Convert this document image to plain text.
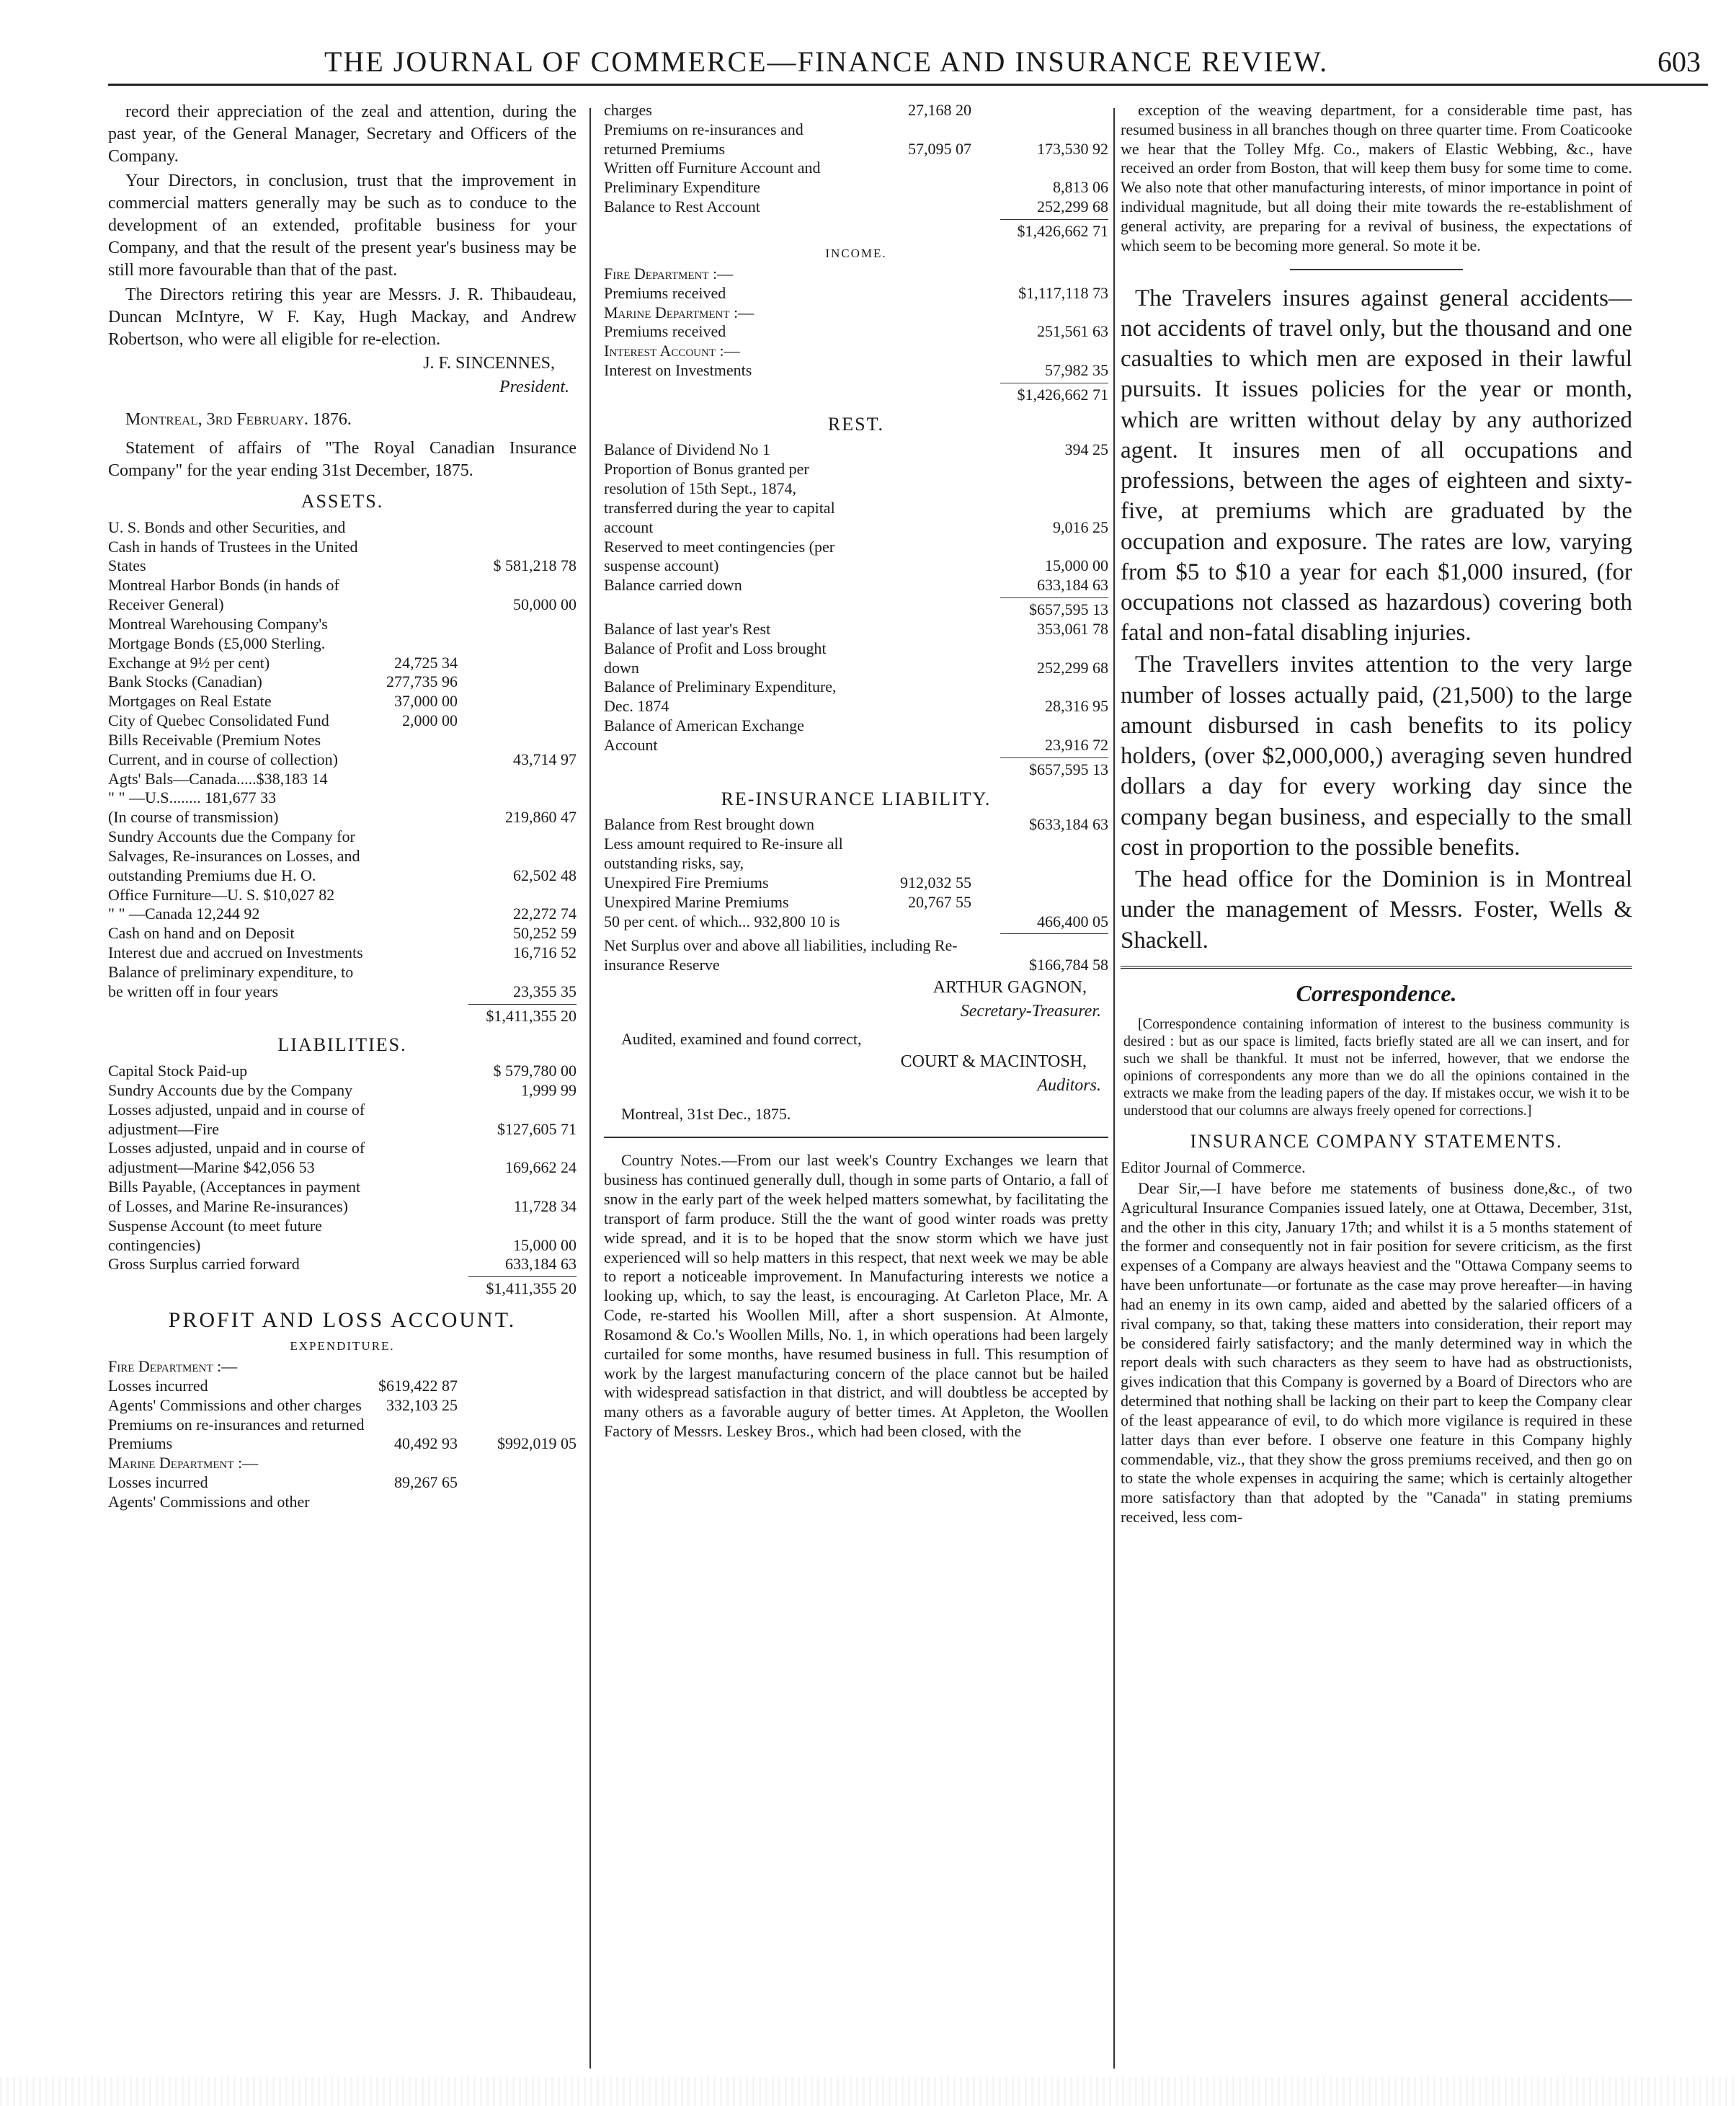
THE JOURNAL OF COMMERCE—FINANCE AND INSURANCE REVIEW.	603

record their appreciation of the zeal and attention, during the past year, of the General Manager, Secretary and Officers of the Company.

Your Directors, in conclusion, trust that the improvement in commercial matters generally may be such as to conduce to the development of an extended, profitable business for your Company, and that the result of the present year's business may be still more favourable than that of the past.

The Directors retiring this year are Messrs. J. R. Thibaudeau, Duncan McIntyre, W F. Kay, Hugh Mackay, and Andrew Robertson, who were all eligible for re-election.

J. F. SINCENNES,
President.
Montreal, 3rd February. 1876.

Statement of affairs of "The Royal Canadian Insurance Company" for the year ending 31st December, 1875.

ASSETS.
U. S. Bonds and other Securities, and Cash in hands of Trustees in the United States	$ 581,218 78
Montreal Harbor Bonds (in hands of Receiver General)	50,000 00
Montreal Warehousing Company's Mortgage Bonds (£5,000 Sterling. Exchange at 9½ per cent)	24,725 34
Bank Stocks (Canadian)	277,735 96
Mortgages on Real Estate	37,000 00
City of Quebec Consolidated Fund	2,000 00
Bills Receivable (Premium Notes Current, and in course of collection)	43,714 97
Agts' Bals—Canada.....$38,183 14
" " —U.S........ 181,677 33
(In course of transmission)	219,860 47
Sundry Accounts due the Company for Salvages, Re-insurances on Losses, and outstanding Premiums due H. O.	62,502 48
Office Furniture—U. S. $10,027 82
" " —Canada 12,244 92	22,272 74
Cash on hand and on Deposit	50,252 59
Interest due and accrued on Investments	16,716 52
Balance of preliminary expenditure, to be written off in four years	23,355 35
$1,411,355 20
LIABILITIES.
Capital Stock Paid-up	$ 579,780 00
Sundry Accounts due by the Company	1,999 99
Losses adjusted, unpaid and in course of adjustment—Fire	$127,605 71
Losses adjusted, unpaid and in course of adjustment—Marine $42,056 53	169,662 24
Bills Payable, (Acceptances in payment of Losses, and Marine Re-insurances)	11,728 34
Suspense Account (to meet future contingencies)	15,000 00
Gross Surplus carried forward	633,184 63
$1,411,355 20
PROFIT AND LOSS ACCOUNT.
EXPENDITURE.
Fire Department :—
Losses incurred	$619,422 87
Agents' Commissions and other charges	332,103 25
Premiums on re-insurances and returned Premiums	40,492 93	$992,019 05
Marine Department :—
Losses incurred	89,267 65
Agents' Commissions and other
charges	27,168 20
Premiums on re-insurances and returned Premiums	57,095 07	173,530 92
Written off Furniture Account and Preliminary Expenditure	8,813 06
Balance to Rest Account	252,299 68
$1,426,662 71
INCOME.
Fire Department :—
Premiums received	$1,117,118 73
Marine Department :—
Premiums received	251,561 63
Interest Account :—
Interest on Investments	57,982 35
$1,426,662 71
REST.
Balance of Dividend No 1	394 25
Proportion of Bonus granted per resolution of 15th Sept., 1874, transferred during the year to capital account	9,016 25
Reserved to meet contingencies (per suspense account)	15,000 00
Balance carried down	633,184 63
$657,595 13
Balance of last year's Rest	353,061 78
Balance of Profit and Loss brought down	252,299 68
Balance of Preliminary Expenditure, Dec. 1874	28,316 95
Balance of American Exchange Account	23,916 72
$657,595 13
RE-INSURANCE LIABILITY.
Balance from Rest brought down	$633,184 63
Less amount required to Re-insure all outstanding risks, say,
Unexpired Fire Premiums	912,032 55
Unexpired Marine Premiums	20,767 55
50 per cent. of which... 932,800 10 is	466,400 05
Net Surplus over and above all liabilities, including Re-insurance Reserve	$166,784 58
ARTHUR GAGNON,
Secretary-Treasurer.

Audited, examined and found correct,

COURT & MACINTOSH,
Auditors.

Montreal, 31st Dec., 1875.

Country Notes.—From our last week's Country Exchanges we learn that business has continued generally dull, though in some parts of Ontario, a fall of snow in the early part of the week helped matters somewhat, by facilitating the transport of farm produce. Still the the want of good winter roads was pretty wide spread, and it is to be hoped that the snow storm which we have just experienced will so help matters in this respect, that next week we may be able to report a noticeable improvement. In Manufacturing interests we notice a looking up, which, to say the least, is encouraging. At Carleton Place, Mr. A Code, re-started his Woollen Mill, after a short suspension. At Almonte, Rosamond & Co.'s Woollen Mills, No. 1, in which operations had been largely curtailed for some months, have resumed business in full. This resumption of work by the largest manufacturing concern of the place cannot but be hailed with widespread satisfaction in that district, and will doubtless be accepted by many others as a favorable augury of better times. At Appleton, the Woollen Factory of Messrs. Leskey Bros., which had been closed, with the

exception of the weaving department, for a considerable time past, has resumed business in all branches though on three quarter time. From Coaticooke we hear that the Tolley Mfg. Co., makers of Elastic Webbing, &c., have received an order from Boston, that will keep them busy for some time to come. We also note that other manufacturing interests, of minor importance in point of individual magnitude, but all doing their mite towards the re-establishment of general activity, are preparing for a revival of business, the expectations of which seem to be becoming more general. So mote it be.

The Travelers insures against general accidents—not accidents of travel only, but the thousand and one casualties to which men are exposed in their lawful pursuits. It issues policies for the year or month, which are written without delay by any authorized agent. It insures men of all occupations and professions, between the ages of eighteen and sixty-five, at premiums which are graduated by the occupation and exposure. The rates are low, varying from $5 to $10 a year for each $1,000 insured, (for occupations not classed as hazardous) covering both fatal and non-fatal disabling injuries.

The Travellers invites attention to the very large number of losses actually paid, (21,500) to the large amount disbursed in cash benefits to its policy holders, (over $2,000,000,) averaging seven hundred dollars a day for every working day since the company began business, and especially to the small cost in proportion to the possible benefits.

The head office for the Dominion is in Montreal under the management of Messrs. Foster, Wells & Shackell.

Correspondence.
[Correspondence containing information of interest to the business community is desired : but as our space is limited, facts briefly stated are all we can insert, and for such we shall be thankful. It must not be inferred, however, that we endorse the opinions of correspondents any more than we do all the opinions contained in the extracts we make from the leading papers of the day. If mistakes occur, we wish it to be understood that our columns are always freely opened for corrections.]
INSURANCE COMPANY STATEMENTS.

Editor Journal of Commerce.

Dear Sir,—I have before me statements of business done,&c., of two Agricultural Insurance Companies issued lately, one at Ottawa, December, 31st, and the other in this city, January 17th; and whilst it is a 5 months statement of the former and consequently not in fair position for severe criticism, as the first expenses of a Company are always heaviest and the "Ottawa Company seems to have been unfortunate—or fortunate as the case may prove hereafter—in having had an enemy in its own camp, aided and abetted by the salaried officers of a rival company, so that, taking these matters into consideration, their report may be considered fairly satisfactory; and the manly determined way in which the report deals with such characters as they seem to have had as obstructionists, gives indication that this Company is governed by a Board of Directors who are determined that nothing shall be lacking on their part to keep the Company clear of the least appearance of evil, to do which more vigilance is required in these latter days than ever before. I observe one feature in this Company highly commendable, viz., that they show the gross premiums received, and then go on to state the whole expenses in acquiring the same; which is certainly altogether more satisfactory than that adopted by the "Canada" in stating premiums received, less com-
